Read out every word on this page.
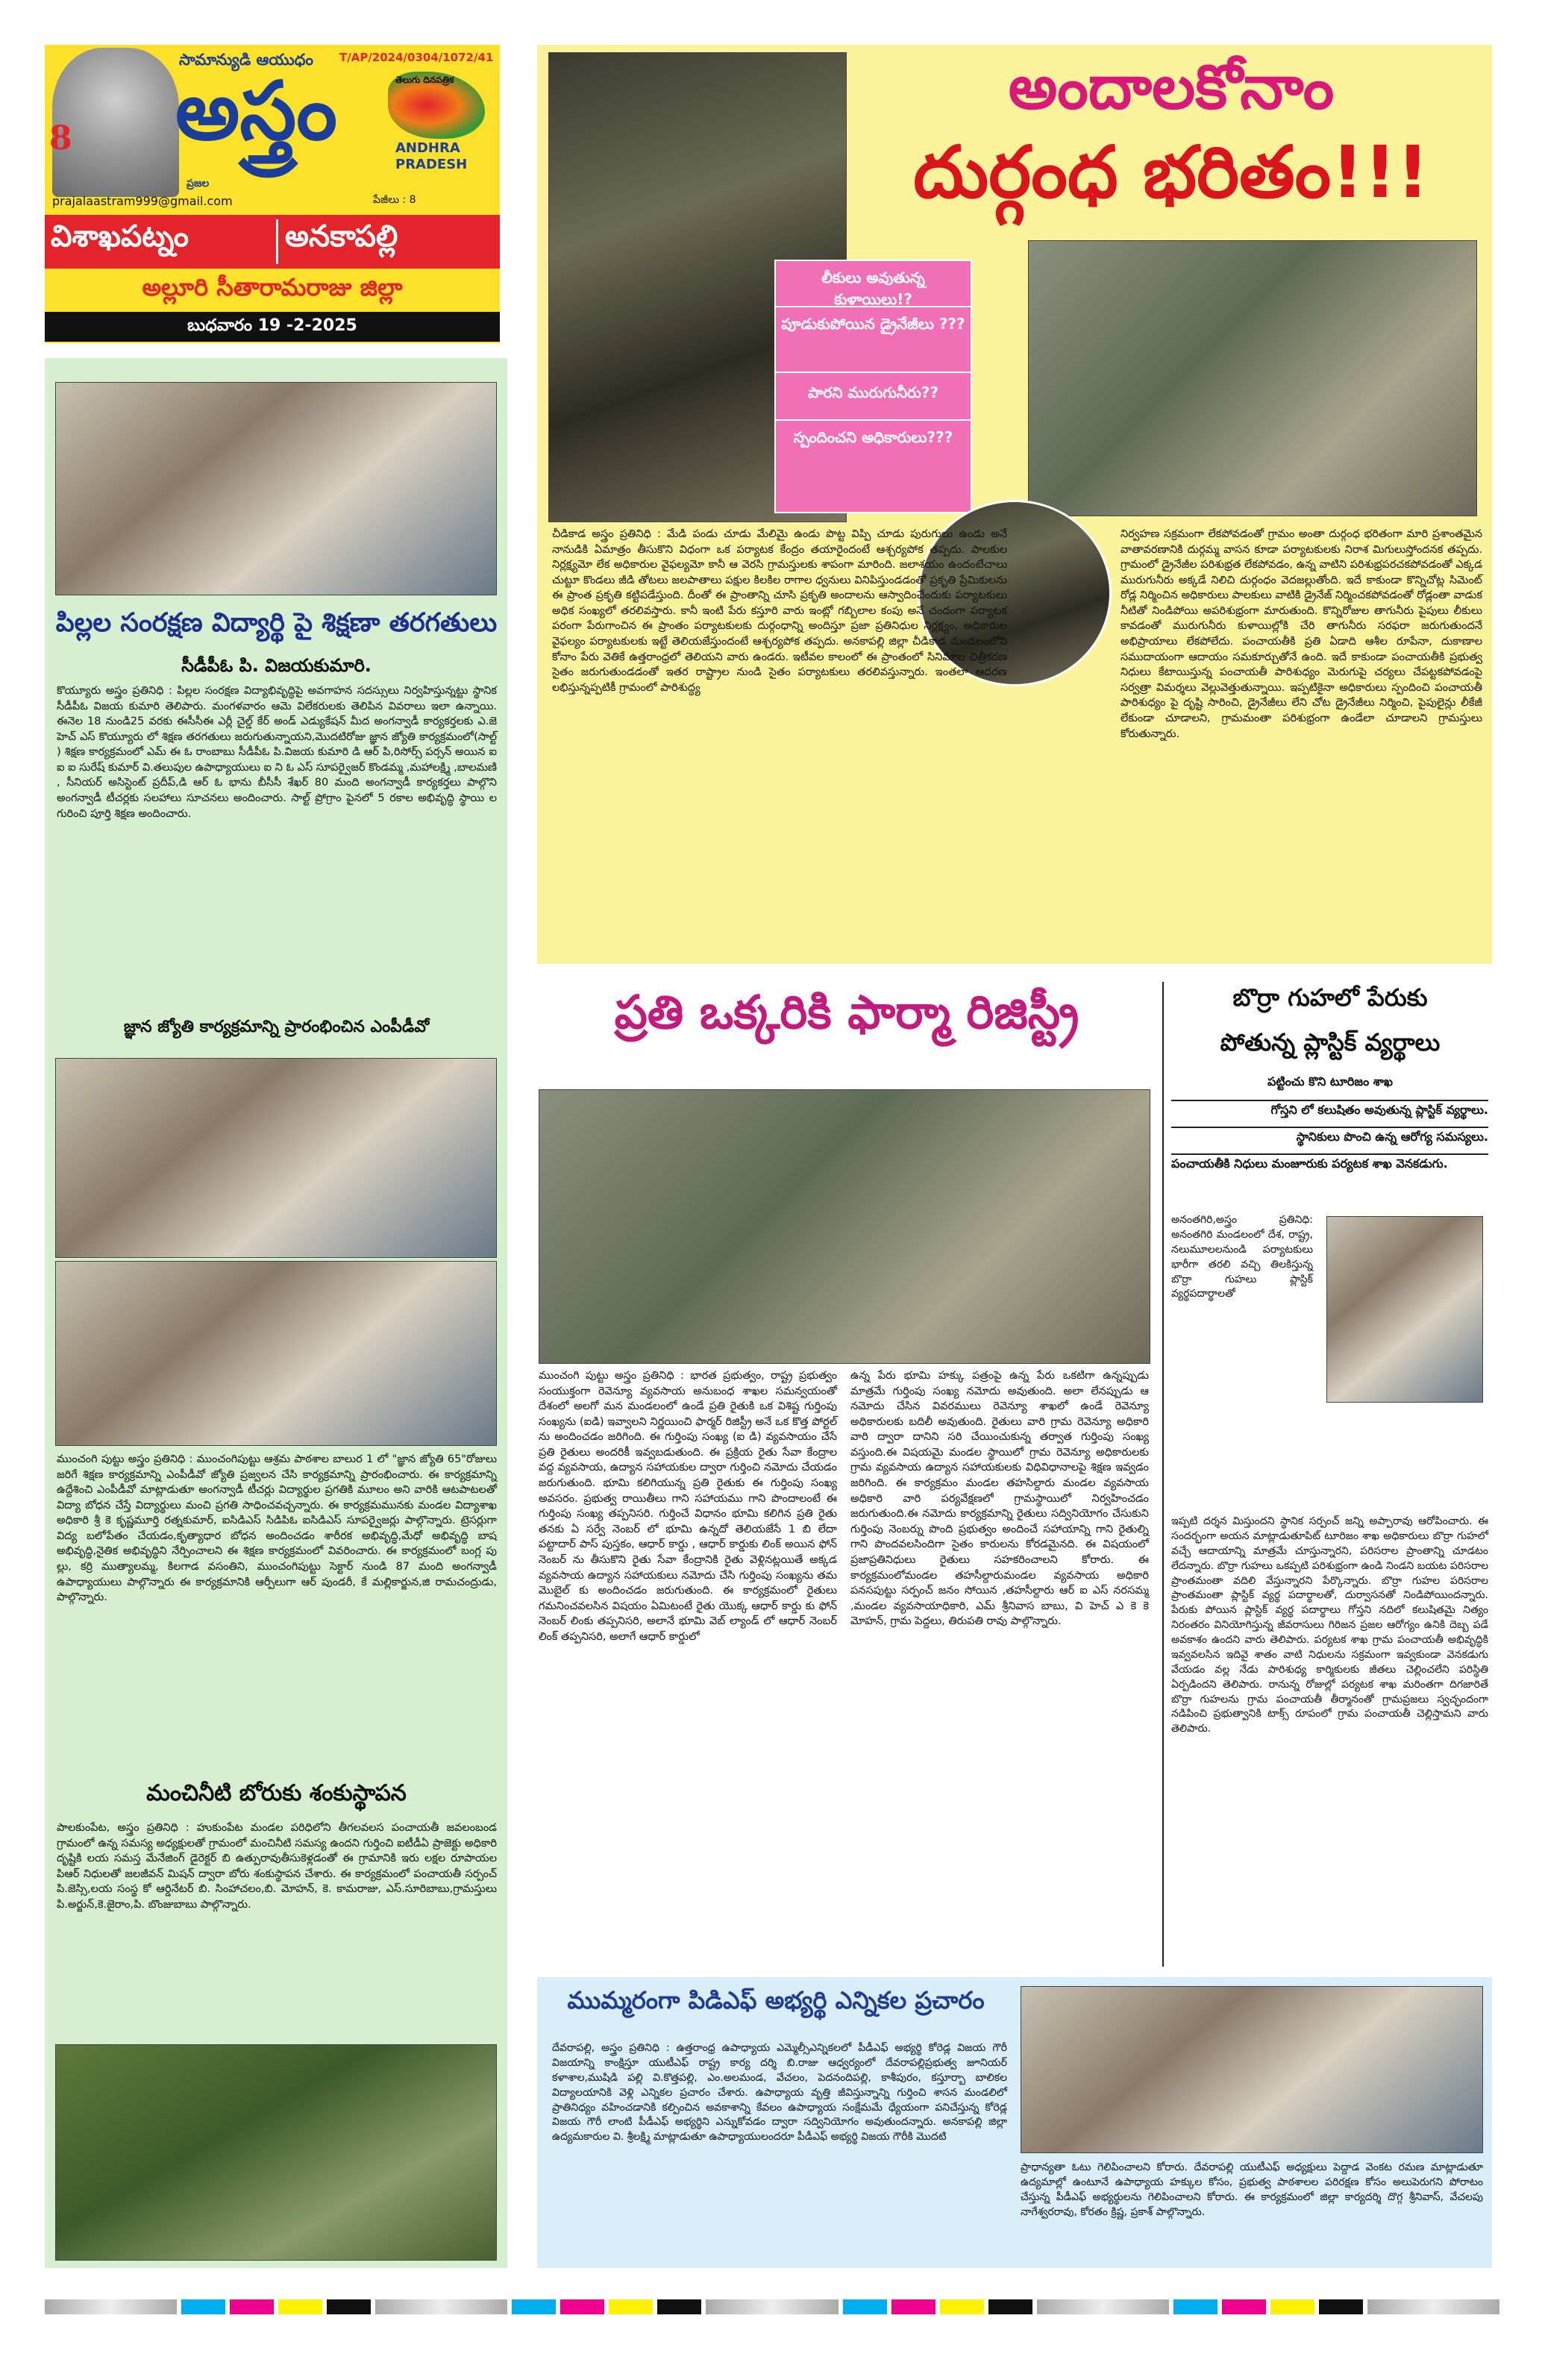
8
సామాన్యుడి ఆయుధం	T/AP/2024/0304/1072/41
అస్త్రం
ప్రజల
తెలుగు దినపత్రిక
ANDHRA
PRADESH
prajalaastram999@gmail.com	పేజీలు : 8
విశాఖపట్నం	అనకాపల్లి
అల్లూరి సీతారామరాజు జిల్లా
బుధవారం 19 -2-2025
అందాలకోనాం
దుర్గంధ భరితం!!!
లీకులు అవుతున్న కుళాయిలు!?
పూడుకుపోయిన డ్రైనేజీలు ???
పారని మురుగునీరు??
స్పందించని అధికారులు???
చీడికాడ అస్త్రం ప్రతినిధి : మేడి పండు చూడు మేలిమై ఉండు పొట్ట విప్పి చూడు పురుగులు ఉండు అనే నానుడికి ఏమాత్రం తీసుకొని విధంగా ఒక పర్యాటక కేంద్రం తయారైందంటే ఆశ్చర్యపోక తప్పదు. పాలకుల నిర్లక్ష్యమో లేక అధికారుల వైఫల్యమో కానీ ఆ వెరసి గ్రామస్తులకు శాపంగా మారింది. జలాశయం ఉందంటేచాలు చుట్టూ కొండలు జీడి తోటలు జలపాతాలు పక్షుల కిలకిల రాగాల ధ్వనులు వినిపిస్తుండడంతో ప్రకృతి ప్రేమికులను ఈ ప్రాంత ప్రకృతి కట్టిపడేస్తుంది. దీంతో ఈ ప్రాంతాన్ని చూసి ప్రకృతి అందాలను ఆస్వాదించేందుకు పర్యాటకులు అధిక సంఖ్యలో తరలివస్తారు. కానీ ఇంటి పేరు కస్తూరి వారు ఇంట్లో గబ్బిలాల కంపు అనే చందంగా పర్యాటక పరంగా పేరుగాంచిన ఈ ప్రాంతం పర్యాటకులకు దుర్గంధాన్ని అందిస్తూ ప్రజా ప్రతినిధుల నిర్లక్ష్యం, అధికారుల వైఫల్యం పర్యాటకులకు ఇట్టే తెలియజేస్తుందంటే ఆశ్చర్యపోక తప్పదు. అనకాపల్లి జిల్లా చీడికాడ మండలంలోని కోనాం పేరు వెతికే ఉత్తరాంధ్రలో తెలియని వారు ఉండరు. ఇటీవల కాలంలో ఈ ప్రాంతంలో సినిమాల చిత్రీకరణ సైతం జరుగుతుండడంతో ఇతర రాష్ట్రాల నుండి సైతం పర్యాటకులు తరలివస్తున్నారు. ఇంతలా ఆదరణ లభిస్తున్నప్పటికీ గ్రామంలో పారిశుద్ధ్య
నిర్వహణ సక్రమంగా లేకపోవడంతో గ్రామం అంతా దుర్గంధ భరితంగా మారి ప్రశాంతమైన వాతావరణానికి దుర్గమ్మ వాసన కూడా పర్యాటకులకు నిరాశ మిగులుస్తోందనక తప్పదు. గ్రామంలో డ్రైనేజీల పరిశుభ్రత లేకపోవడం, ఉన్న వాటిని పరిశుభ్రపరచకపోవడంతో ఎక్కడ మురుగునీరు అక్కడే నిలిచి దుర్గంధం వెదజల్లుతోంది. ఇదే కాకుండా కొన్నిచోట్ల సిమెంట్ రోడ్ల నిర్మించిన అధికారులు పాలకులు వాటికి డ్రైనేజ్ నిర్మించకపోవడంతో రోడ్లంతా వాడుక నీటితో నిండిపోయి అపరిశుభ్రంగా మారుతుంది. కొన్నిరోజుల తాగునీరు పైపులు లీకులు కావడంతో మురుగునీరు కుళాయిల్లోకి చేరి తాగునీరు సరఫరా జరుగుతుందనే అభిప్రాయాలు లేకపోలేదు. పంచాయతీకి ప్రతి ఏడాది ఆశీల రూపేనా, దుకాణాల సముదాయంగా ఆదాయం సమకూర్చుతోనే ఉంది. ఇదే కాకుండా పంచాయతీకి ప్రభుత్వ నిధులు కేటాయిస్తున్న పంచాయతీ పారిశుధ్యం మెరుగుపై చర్యలు చేపట్టకపోవడంపై సర్వత్రా విమర్శలు వెల్లువెత్తుతున్నాయి. ఇప్పటికైనా అధికారులు స్పందించి పంచాయతీ పారిశుధ్యం పై దృష్టి సారించి, డ్రైనేజీలు లేని చోట డ్రైనేజీలు నిర్మించి, పైపులైన్లు లీకేజీ లేకుండా చూడాలని, గ్రామమంతా పరిశుభ్రంగా ఉండేలా చూడాలని గ్రామస్తులు కోరుతున్నారు.
పిల్లల సంరక్షణ విద్యార్థి పై శిక్షణా తరగతులు
సీడీపీఓ పి. విజయకుమారి.
కొయ్యూరు అస్త్రం ప్రతినిధి : పిల్లల సంరక్షణ విద్యాభివృద్ధిపై అవగాహన సదస్సులు నిర్వహిస్తున్నట్టు స్థానిక సీడీపీఓ విజయ కుమారి తెలిపారు. మంగళవారం ఆమె విలేకరులకు తెలిపిన వివరాలు ఇలా ఉన్నాయి. ఈనెల 18 నుండి25 వరకు ఈసీసీఈ ఎర్లీ చైల్డ్ కేర్ అండ్ ఎడ్యుకేషన్ మీద అంగన్వాడీ కార్యకర్తలకు ఎ.జె హెచ్ ఎస్ కొయ్యూరు లో శిక్షణ తరగతులు జరుగుతున్నాయని,మొదటిరోజు జ్ఞాన జ్యోతి కార్యక్రమంలో(సాల్ట్ ) శిక్షణ కార్యక్రమంలో ఎమ్ ఈ ఓ రాంబాబు సీడీపీఓ పి.విజయ కుమారి డి ఆర్ పి,రిసోర్స్ పర్సన్ అయిన ఐ ఐ ఐ సురేష్ కుమార్ వి.తలుపుల ఉపాధ్యాయులు ఐ ని ఓ ఎస్ సూపర్వైజర్ కొండమ్మ ,మహాలక్ష్మి ,బాలమణి , సీనియర్ అసిస్టెంట్ ప్రదీప్,డి ఆర్ ఓ భాను బీసీసీ శేఖర్ 80 మంది అంగన్వాడీ కార్యకర్తలు పాల్గొని అంగన్వాడీ టీచర్లకు సలహాలు సూచనలు అందించారు. సాల్ట్ ప్రోగ్రాం పైనలో 5 రకాల అభివృద్ధి స్థాయి ల గురించి పూర్తి శిక్షణ అందించారు.
జ్ఞాన జ్యోతి కార్యక్రమాన్ని ప్రారంభించిన ఎంపీడీవో
ముంచంగి పుట్టు అస్త్రం ప్రతినిధి : ముంచంగిపుట్టు ఆశ్రమ పాఠశాల బాలుర 1 లో "జ్ఞాన జ్యోతి 65"రోజులు జరిగే శిక్షణ కార్యక్రమాన్ని ఎంపీడీవో జ్యోతి ప్రజ్వలన చేసి కార్యక్రమాన్ని ప్రారంభించారు. ఈ కార్యక్రమాన్ని ఉద్దేశించి ఎంపీడీవో మాట్లాడుతూ అంగన్వాడీ టీచర్లు విద్యార్థుల ప్రగతికి మూలం అని వారికి ఆటపాటలతో విద్యా బోధన చేస్తే విద్యార్థులు మంచి ప్రగతి సాధించవచ్చన్నారు. ఈ కార్యక్రమమునకు మండల విద్యాశాఖ అధికారి శ్రీ కె కృష్ణమూర్తి రత్నకుమార్, ఐసిడిఎస్ సిడిపిఓ ఐసిడిఎస్ సూపర్వైజర్లు పాల్గొన్నారు. ట్రెసర్లుగా విద్య బలోపేతం చేయడం,కృత్యాధార బోధన అందించడం శారీరక అభివృద్ధి,మేధో అభివృద్ధి బాష అభివృద్ధి,నైతిక అభివృద్ధిని నేర్పించాలని ఈ శిక్షణ కార్యక్రమంలో వివరించారు. ఈ కార్యక్రమంలో బంగ్ల పు ల్లు, కర్రి ముత్యాలమ్మ, కిలగాడ వసంతిని, ముంచంగిపుట్టు సెక్టార్ నుండి 87 మంది అంగన్వాడీ ఉపాధ్యాయులు పాల్గొన్నారు ఈ కార్యక్రమానికి ఆర్పీలుగా ఆర్ పుండరీ, కే మల్లికార్జున,జి రామచంద్రుడు, పాల్గొన్నారు.
మంచినీటి బోరుకు శంకుస్థాపన
పాలకుంపేట, అస్త్రం ప్రతినిధి : హుకుంపేట మండల పరిధిలోని తీగలవలస పంచాయతీ జవలంబండ గ్రామంలో ఉన్న సమస్య అధ్యక్షులతో గ్రామంలో మంచినీటి సమస్య ఉందని గుర్తించి ఐటీడీఏ ప్రాజెక్టు అధికారి దృష్టికి లయ సమస్త మేనేజింగ్ డైరెక్టర్ బి ఉత్పురావుతీసుకెళ్లడంతో ఈ గ్రామానికి ఇరు లక్షల రూపాయల పిఆర్ నిధులతో జలజీవన్ మిషన్ ద్వారా బోరు శంకుస్థాపన చేశారు. ఈ కార్యక్రమంలో పంచాయతీ సర్పంచ్ పి.జెస్సి,లయ సంస్థ కో ఆర్డినేటర్ బి. సింహాచలం,బి. మోహన్, కె. కామరాజు, ఎస్.సూరిబాబు,గ్రామస్తులు పి.అర్జున్,కె.జైరాం,పి. బొంజుబాబు పాల్గొన్నారు.
ప్రతి ఒక్కరికి ఫార్మా రిజిస్ట్రీ
ముంచంగి పుట్టు అస్త్రం ప్రతినిధి : భారత ప్రభుత్వం, రాష్ట్ర ప్రభుత్వం సంయుక్తంగా రెవెన్యూ వ్యవసాయ అనుబంధ శాఖల సమన్వయంతో దేశంలో అలగో మన మండలంలో ఉండే ప్రతి రైతుకి ఒక విశిష్ట గుర్తింపు సంఖ్యను (ఐడి) ఇవ్వాలని నిర్ణయించి ఫార్మర్ రిజిస్ట్రీ అనే ఒక కొత్త పోర్టల్ ను అందించడం జరిగింది. ఈ గుర్తింపు సంఖ్య (ఐ డి) వ్యవసాయం చేసే ప్రతి రైతులు అందరికీ ఇవ్వబడుతుంది. ఈ ప్రక్రియ రైతు సేవా కేంద్రాల వద్ద వ్యవసాయ, ఉద్యాన సహాయకుల ద్వారా గుర్తించి నమోదు చేయడం జరుగుతుంది. భూమి కలిగియున్న ప్రతి రైతుకు ఈ గుర్తింపు సంఖ్య అవసరం. ప్రభుత్వ రాయితీలు గాని సహాయము గాని పొందాలంటే ఈ గుర్తింపు సంఖ్య తప్పనిసరి. గుర్తించే విధానం భూమి కలిగిన ప్రతి రైతు తనకు ఏ సర్వే నెంబర్ లో భూమి ఉన్నదో తెలియజేసే 1 బి లేదా పట్టాదార్ పాస్ పుస్తకం, ఆధార్ కార్డు , ఆధార్ కార్డుకు లింక్ అయిన ఫోన్ నెంబర్ ను తీసుకొని రైతు సేవా కేంద్రానికి రైతు వెళ్లినట్లయితే అక్కడ వ్యవసాయ ఉద్యాన సహాయకులు నమోదు చేసి గుర్తింపు సంఖ్యను తమ మొబైల్ కు అందించడం జరుగుతుంది. ఈ కార్యక్రమంలో రైతులు గమనించవలసిన విషయం ఏమిటంటే రైతు యొక్క ఆధార్ కార్డు కు ఫోన్ నెంబర్ లింకు తప్పనిసరి, అలానే భూమి వెబ్ ల్యాండ్ లో ఆధార్ నెంబర్ లింక్ తప్పనిసరి, అలాగే ఆధార్ కార్డులో
ఉన్న పేరు భూమి హక్కు పత్రంపై ఉన్న పేరు ఒకటిగా ఉన్నప్పుడు మాత్రమే గుర్తింపు సంఖ్య నమోదు అవుతుంది. అలా లేనప్పుడు ఆ నమోదు చేసిన వివరములు రెవెన్యూ శాఖలో ఉండే రెవెన్యూ అధికారులకు బదిలీ అవుతుంది. రైతులు వారి గ్రామ రెవెన్యూ అధికారి వారి ద్వారా దానిని సరి చేయించుకున్న తర్వాత గుర్తింపు సంఖ్య వస్తుంది.ఈ విషయమై మండల స్థాయిలో గ్రామ రెవెన్యూ అధికారులకు గ్రామ వ్యవసాయ ఉద్యాన సహాయకులకు విధివిధానాలపై శిక్షణ ఇవ్వడం జరిగింది. ఈ కార్యక్రమం మండల తహసిల్దారు మండల వ్యవసాయ అధికారి వారి పర్యవేక్షణలో గ్రామస్థాయిలో నిర్వహించడం జరుగుతుంది.ఈ నమోదు కార్యక్రమాన్ని రైతులు సద్వినియోగం చేసుకుని గుర్తింపు నెంబర్ను పొంది ప్రభుత్వం అందించే సహాయాన్ని గాని రైతుల్ని గాని పొందవలసిందిగా సైతం కారులను కోరడమైనది. ఈ విషయంలో ప్రజాప్రతినిధులు రైతులు సహకరించాలని కోరారు. ఈ కార్యక్రమంలోమండల తహసీల్దారుమండల వ్యవసాయ అధికారి పనసపుట్టు సర్పంచ్ జనం సోయిన ,తహసీల్దారు ఆర్ ఐ ఎస్ నరసమ్మ ,మండల వ్యవసాయాధికారి, ఎమ్ శ్రీనివాస బాబు, వి హెచ్ ఎ కె కె మోహన్, గ్రామ పెద్దలు, తిరుపతి రావు పాల్గొన్నారు.
బొర్రా గుహలో పేరుకు
పోతున్న ప్లాస్టిక్ వ్యర్థాలు
పట్టించు కొని టూరిజం శాఖ
గోస్తని లో కలుషితం అవుతున్న ప్లాస్టిక్ వ్యర్థాలు.
స్థానికులు పొంచి ఉన్న ఆరోగ్య సమస్యలు.
పంచాయతీకి నిధులు మంజూరుకు పర్యటక శాఖ వెనకడుగు.
అనంతగిరి,అస్త్రం ప్రతినిధి: అనంతగిరి మండలంలో దేశ, రాష్ట్ర, నలుమూలలనుండి పర్యాటకులు భారీగా తరలి వచ్చి తిలకిస్తున్న బొర్రా గుహలు ప్లాస్టిక్ వ్యర్థపదార్థాలతో
ఇప్పటి దర్శన మిస్తుందని స్థానిక సర్పంచ్ జన్ని అప్పారావు ఆరోపించారు. ఈ సందర్భంగా అయన మాట్లాడుతూపిట్ టూరిజం శాఖ అధికారులు బొర్రా గుహలో వచ్చే ఆదాయాన్ని మాత్రమే చూస్తున్నారని, పరిసరాల ప్రాంతాన్ని చూడటం లేదన్నారు. బొర్రా గుహలు ఒకప్పటి పరిశుభ్రంగా ఉండి నిండని బయట పరిసరాల ప్రాంతమంతా వదిలి వేస్తున్నారని పేర్కొన్నారు. బొర్రా గుహల పరిసరాల ప్రాంతమంతా ప్లాస్టిక్ వ్యర్థ పదార్థాలతో, దుర్వాసనతో నిండిపోయిందన్నారు. పేరుకు పోయిన ప్లాస్టిక్ వ్యర్థ పదార్థాలు గోస్తని నదిలో కలుషితమై నిత్యం నిరంతరం వినియోగిస్తున్న జీవరాసులు గిరిజన ప్రజల ఆరోగ్యం ఉనికి దెబ్బ పడే అవకాశం ఉందని వారు తెలిపారు. పర్యటక శాఖ గ్రామ పంచాయతీ అభివృద్ధికి ఇవ్వవలసిన ఇదివై శాతం వాటి నిధులను సక్రమంగా ఇవ్వకుండా వెనకడుగు వేయడం వల్ల నేడు పారిశుధ్య కార్మికులకు జీతలు చెల్లించలేని పరిస్థితి ఏర్పడిందని తెలిపారు. రానున్న రోజుల్లో పర్యటక శాఖ మరింతగా దిగజారితే బొర్రా గుహలను గ్రామ పంచాయతీ తీర్మానంతో గ్రామప్రజలు స్వచ్ఛందంగా నడిపించి ప్రభుత్వానికి టాక్స్ రూపంలో గ్రామ పంచాయతీ చెల్లిస్తామని వారు తెలిపారు.
ముమ్మరంగా పిడిఎఫ్ అభ్యర్థి ఎన్నికల ప్రచారం
దేవరాపల్లి, అస్త్రం ప్రతినిధి : ఉత్తరాంధ్ర ఉపాధ్యాయ ఎమ్మెల్సీఎన్నికలలో పీడీఎఫ్ అభ్యర్థి కోరెడ్ల విజయ గౌరీ విజయాన్ని కాంక్షిస్తూ యుటీఎఫ్ రాష్ట్ర కార్య దర్శి బి.రాజు ఆధ్వర్యంలో దేవరాపల్లిప్రభుత్వ జూనియర్ కళాశాల,ముషిడి పల్లి వి.కొత్తపల్లి, ఎం.అలమండ, వేచలం, పెదనందిపల్లి, కాశీపురం, కస్తూర్బా బాలికల విద్యాలయానికి వెళ్లి ఎన్నికల ప్రచారం చేశారు. ఉపాధ్యాయ వృత్తి జీవిస్తున్నాన్ని గుర్తించి శాసన మండలిలో ప్రాతినిధ్యం వహించడానికి కల్పించిన అవకాశాన్ని కేవలం ఉపాధ్యాయ సంక్షేమమే ధ్యేయంగా పనిచేస్తున్న కోరెడ్ల విజయ గౌరీ లాంటి పీడీఎఫ్ అభ్యర్థిని ఎన్నుకోవడం ద్వారా సద్వినియోగం అవుతుందన్నారు. అనకాపల్లి జిల్లా ఉద్యమకారుల వి. శ్రీలక్ష్మి మాట్లాడుతూ ఉపాధ్యాయులందరూ పీడీఎఫ్ అభ్యర్థి విజయ గౌరీకి మొదటి
ప్రాధాన్యతా ఓటు గెలిపించాలని కోరారు. దేవరాపల్లి యుటీఎఫ్ అధ్యక్షులు పెద్దాడ వెంకట రమణ మాట్లాడుతూ ఉద్యమాల్లో ఉంటూనే ఉపాధ్యాయ హక్కుల కోసం, ప్రభుత్వ పాఠశాలల పరిరక్షణ కోసం అలుపెరుగని పోరాటం చేస్తున్న పీడీఎఫ్ అభ్యర్థులను గెలిపించాలని కోరారు. ఈ కార్యక్రమంలో జిల్లా కార్యదర్శి దొగ్గ శ్రీనివాస్, వేచలపు నాగేశ్వరరావు, కోరతం క్రిష్ణ, ప్రకాశ్ పాల్గొన్నారు.
